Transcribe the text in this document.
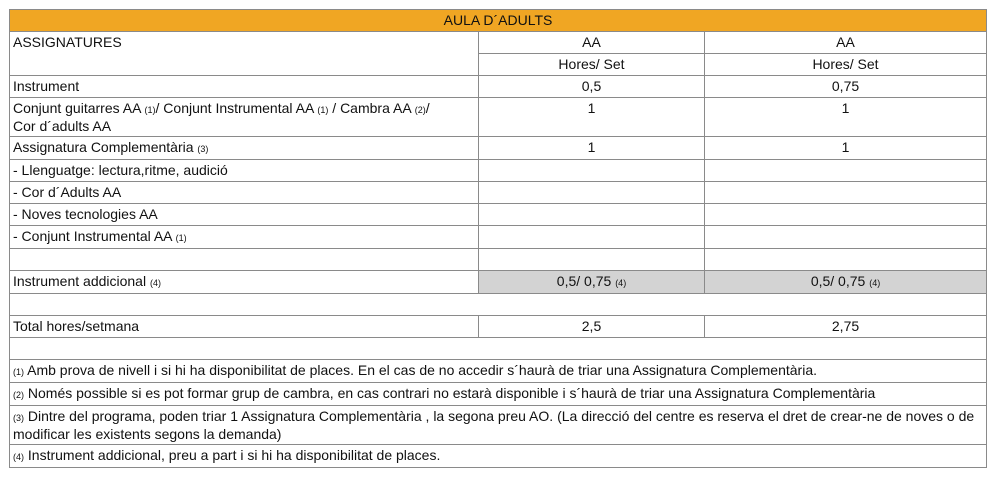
AULA D´ADULTS		
ASSIGNATURES	AA	AA
	Hores/ Set	Hores/ Set
Instrument	0,5	0,75
Conjunt guitarres AA (1)/ Conjunt Instrumental AA (1) / Cambra AA (2)/
Cor d´adults AA	1	1
Assignatura Complementària (3)	1	1
- Llenguatge: lectura,ritme, audició		
- Cor d´Adults AA		
- Noves tecnologies AA		
- Conjunt Instrumental AA (1)		

Instrument addicional (4)	0,5/ 0,75 (4)	0,5/ 0,75 (4)

Total hores/setmana	2,5	2,75

(1) Amb prova de nivell i si hi ha disponibilitat de places. En el cas de no accedir s´haurà de triar una Assignatura Complementària.		
(2) Només possible si es pot formar grup de cambra, en cas contrari no estarà disponible i s´haurà de triar una Assignatura Complementària		
(3) Dintre del programa, poden triar 1 Assignatura Complementària , la segona preu AO. (La direcció del centre es reserva el dret de crear-ne de noves o de modificar les existents segons la demanda)		
(4) Instrument addicional, preu a part i si hi ha disponibilitat de places.		
